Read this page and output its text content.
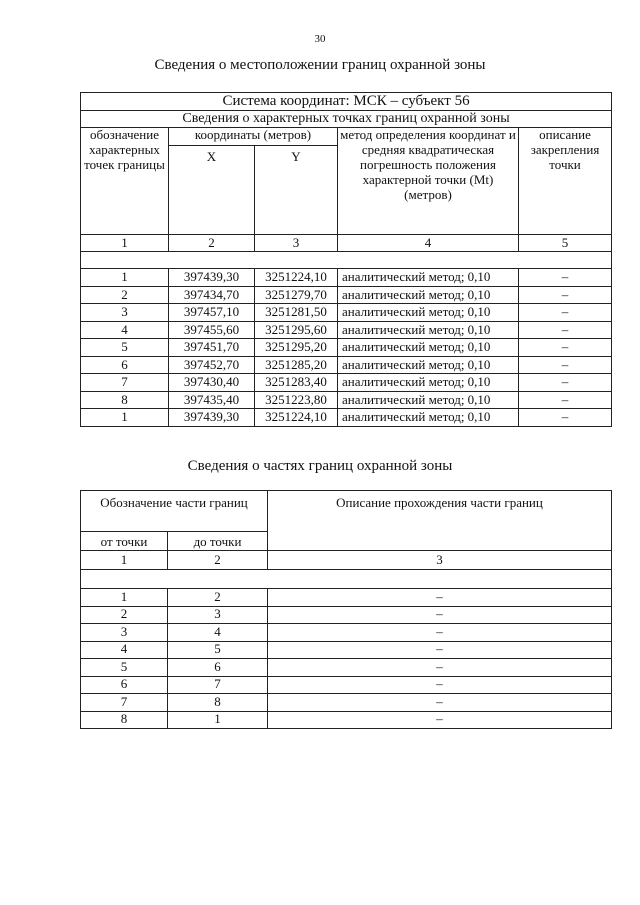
30
Сведения о местоположении границ охранной зоны
Система координат: МСК – субъект 56				
Сведения о характерных точках границ охранной зоны				
обозначение характерных точек границы	координаты (метров)		метод определения координат и средняя квадратическая погрешность положения характерной точки (Mt) (метров)	описание закрепления точки
	X	Y		
1	2	3	4	5

1	397439,30	3251224,10	аналитический метод; 0,10	–
2	397434,70	3251279,70	аналитический метод; 0,10	–
3	397457,10	3251281,50	аналитический метод; 0,10	–
4	397455,60	3251295,60	аналитический метод; 0,10	–
5	397451,70	3251295,20	аналитический метод; 0,10	–
6	397452,70	3251285,20	аналитический метод; 0,10	–
7	397430,40	3251283,40	аналитический метод; 0,10	–
8	397435,40	3251223,80	аналитический метод; 0,10	–
1	397439,30	3251224,10	аналитический метод; 0,10	–
Сведения о частях границ охранной зоны
Обозначение части границ		Описание прохождения части границ
от точки	до точки	
1	2	3

1	2	–
2	3	–
3	4	–
4	5	–
5	6	–
6	7	–
7	8	–
8	1	–
